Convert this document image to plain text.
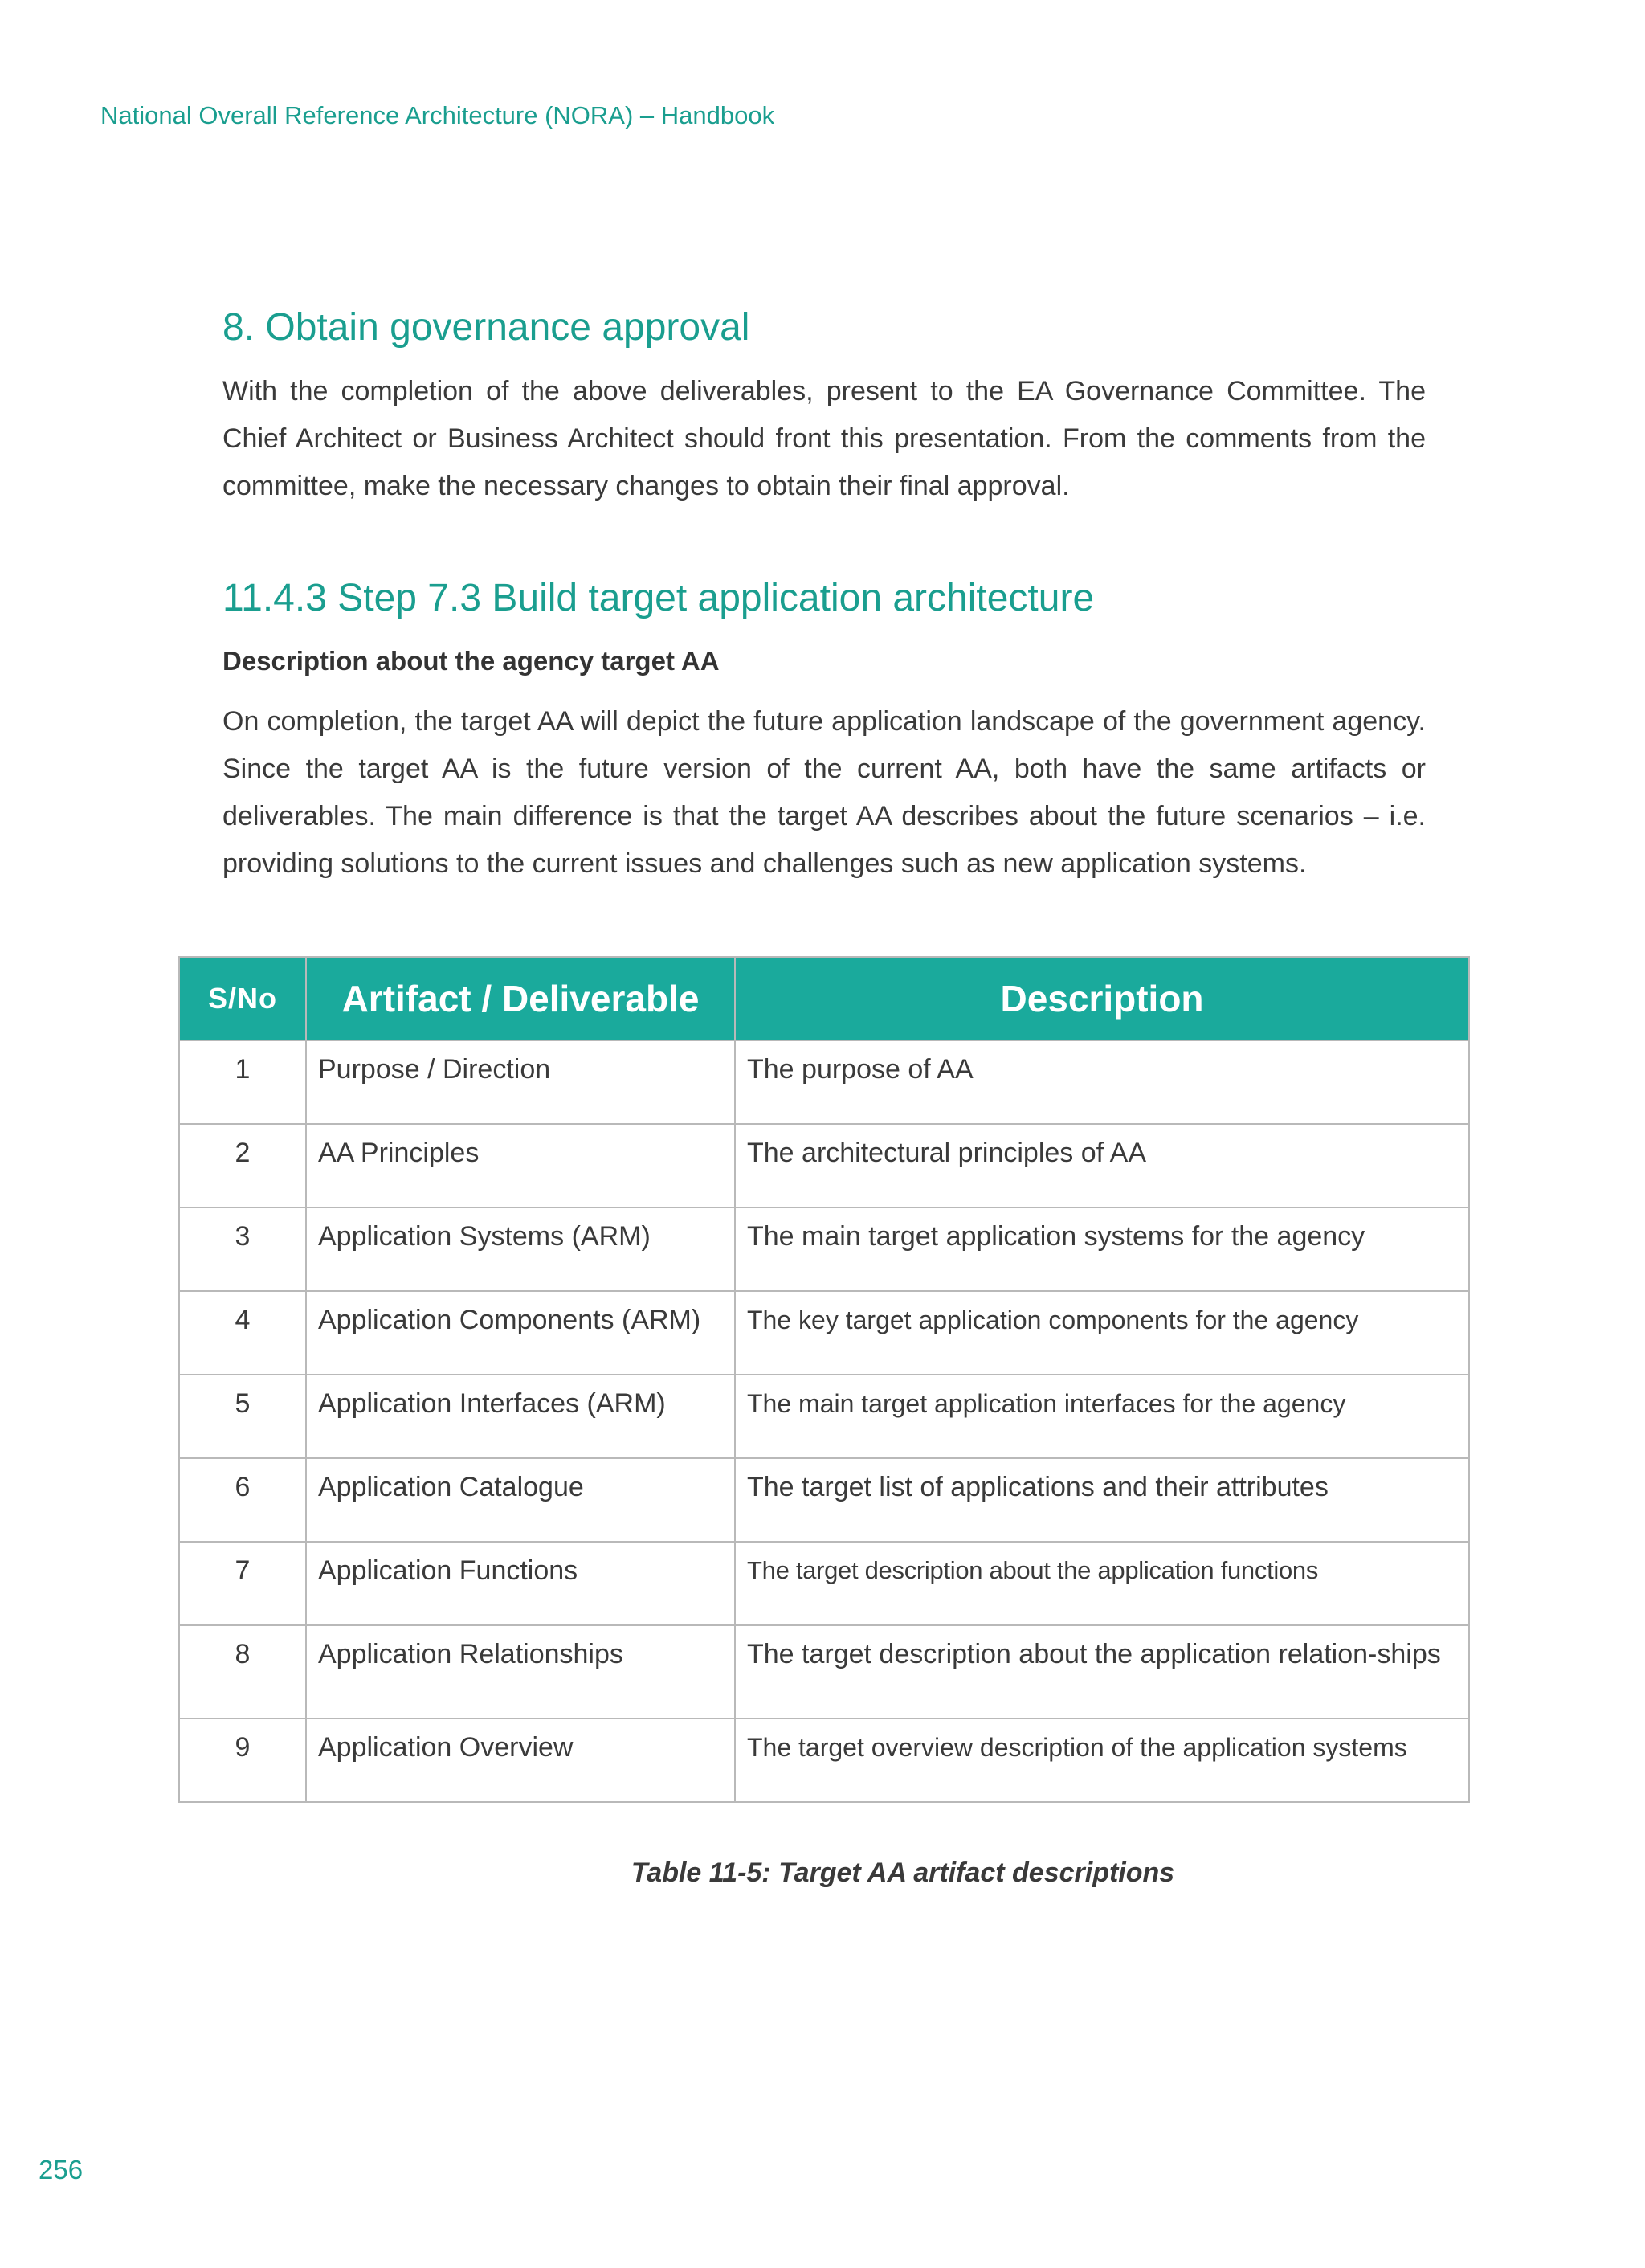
National Overall Reference Architecture (NORA) – Handbook
8. Obtain governance approval

With the completion of the above deliverables, present to the EA Governance Committee. The Chief Architect or Business Architect should front this presentation. From the comments from the committee, make the necessary changes to obtain their final approval.

11.4.3 Step 7.3 Build target application architecture
Description about the agency target AA

On completion, the target AA will depict the future application landscape of the government agency. Since the target AA is the future version of the current AA, both have the same artifacts or deliverables. The main difference is that the target AA describes about the future scenarios – i.e. providing solutions to the current issues and challenges such as new application systems.

S/No	Artifact / Deliverable	Description
1	Purpose / Direction	The purpose of AA
2	AA Principles	The architectural principles of AA
3	Application Systems (ARM)	The main target application systems for the agency
4	Application Components (ARM)	The key target application components for the agency
5	Application Interfaces (ARM)	The main target application interfaces for the agency
6	Application Catalogue	The target list of applications and their attributes
7	Application Functions	The target description about the application functions
8	Application Relationships	The target description about the application relation-ships
9	Application Overview	The target overview description of the application systems
Table 11-5: Target AA artifact descriptions
256
